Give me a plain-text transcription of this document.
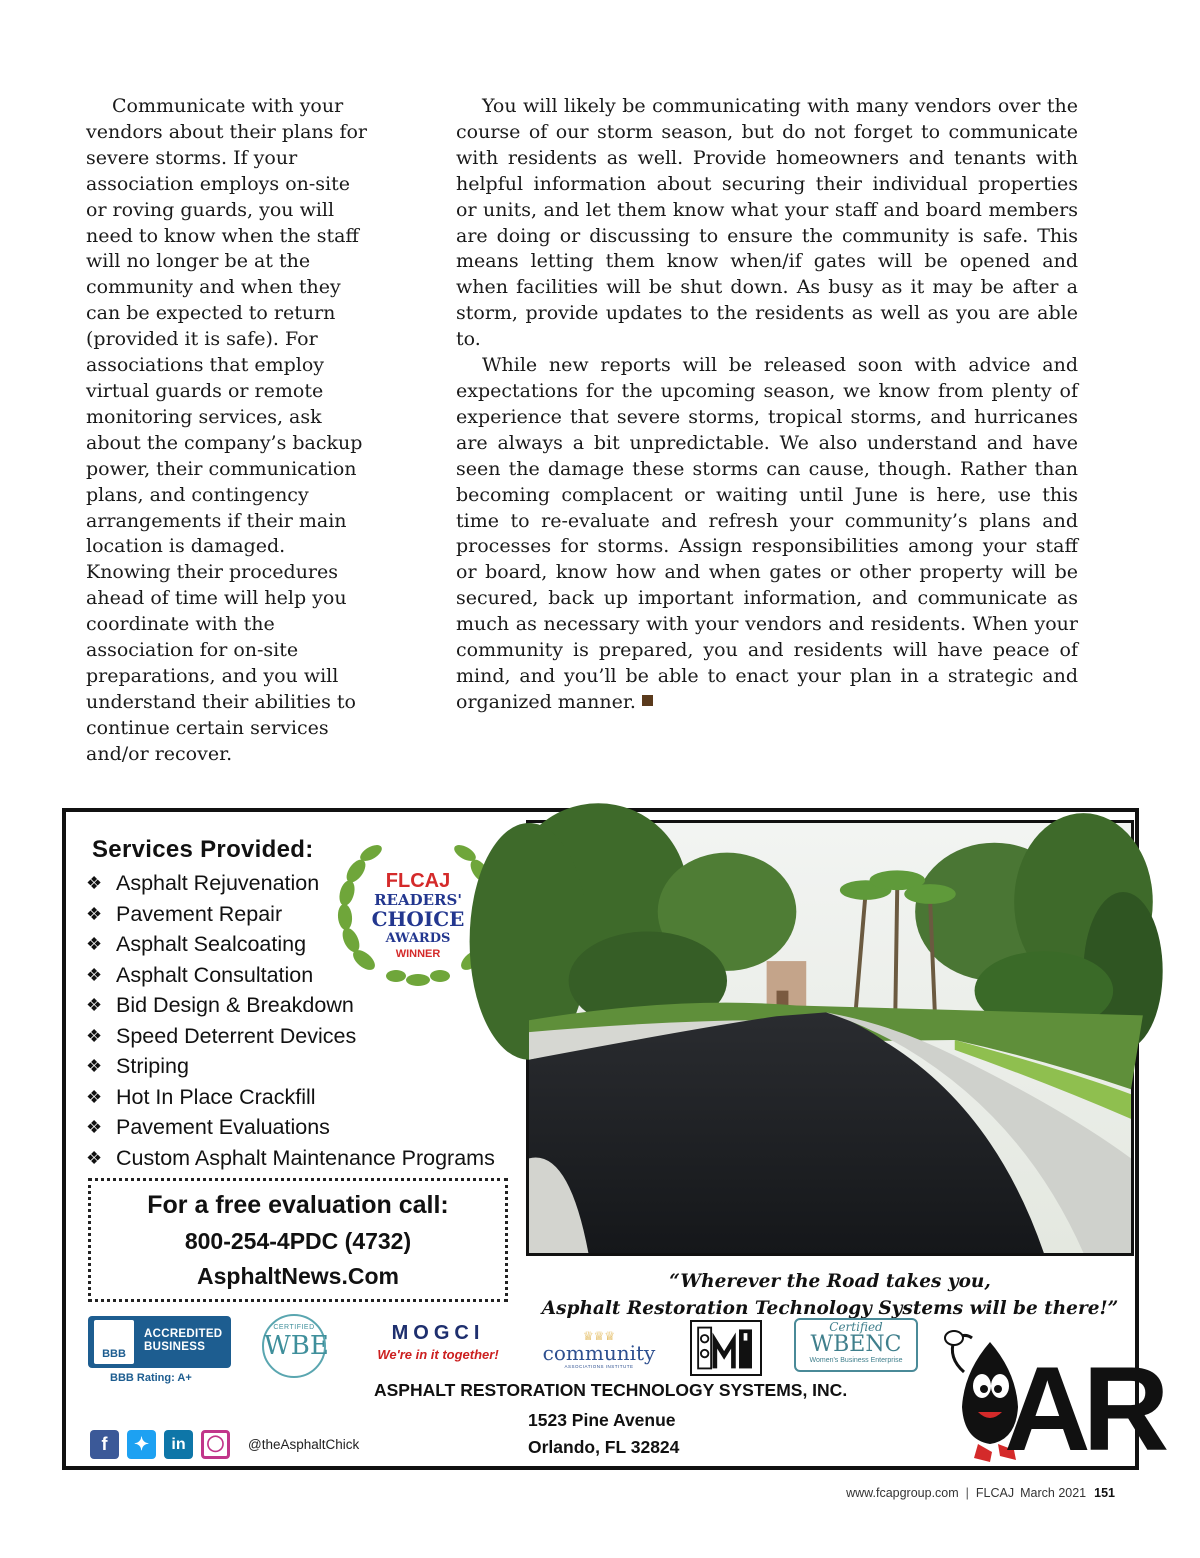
Communicate with your vendors about their plans for severe storms. If your association employs on-site or roving guards, you will need to know when the staff will no longer be at the community and when they can be expected to return (provided it is safe). For associations that employ virtual guards or remote monitoring services, ask about the company’s backup power, their communication plans, and contingency arrangements if their main location is damaged. Knowing their procedures ahead of time will help you coordinate with the association for on-site preparations, and you will understand their abilities to continue certain services and/or recover.

You will likely be communicating with many vendors over the course of our storm season, but do not forget to communicate with residents as well. Provide homeowners and tenants with helpful information about securing their individual properties or units, and let them know what your staff and board members are doing or discussing to ensure the community is safe. This means letting them know when/if gates will be opened and when facilities will be shut down. As busy as it may be after a storm, provide updates to the residents as well as you are able to.

While new reports will be released soon with advice and expectations for the upcoming season, we know from plenty of experience that severe storms, tropical storms, and hurricanes are always a bit unpredictable. We also understand and have seen the damage these storms can cause, though. Rather than becoming complacent or waiting until June is here, use this time to re-evaluate and refresh your community’s plans and processes for storms. Assign responsibilities among your staff or board, know how and when gates or other property will be secured, back up important information, and communicate as much as necessary with your vendors and residents. When your community is prepared, you and residents will have peace of mind, and you’ll be able to enact your plan in a strategic and organized manner.

Services Provided:
❖ Asphalt Rejuvenation
❖ Pavement Repair
❖ Asphalt Sealcoating
❖ Asphalt Consultation
❖ Bid Design & Breakdown
❖ Speed Deterrent Devices
❖ Striping
❖ Hot In Place Crackfill
❖ Pavement Evaluations
❖ Custom Asphalt Maintenance Programs
FLCAJ
READERS'
CHOICE
AWARDS
WINNER
For a free evaluation call:
800-254-4PDC (4732)
AsphaltNews.Com	“Wherever the Road takes you,
Asphalt Restoration Technology Systems will be there!”
BBB
ACCREDITED
BUSINESS
BBB Rating: A+
CERTIFIED
WBE	MOGCI
We're in it together!
♕♕♕
community
ASSOCIATIONS INSTITUTE
Certified
WBENC
Women's Business Enterprise
ASPHALT RESTORATION TECHNOLOGY SYSTEMS, INC.
1523 Pine Avenue
Orlando, FL 32824
f	✦	in	◯	@theAsphaltChick	AR
www.fcapgroup.com | FLCAJ March 2021 151
